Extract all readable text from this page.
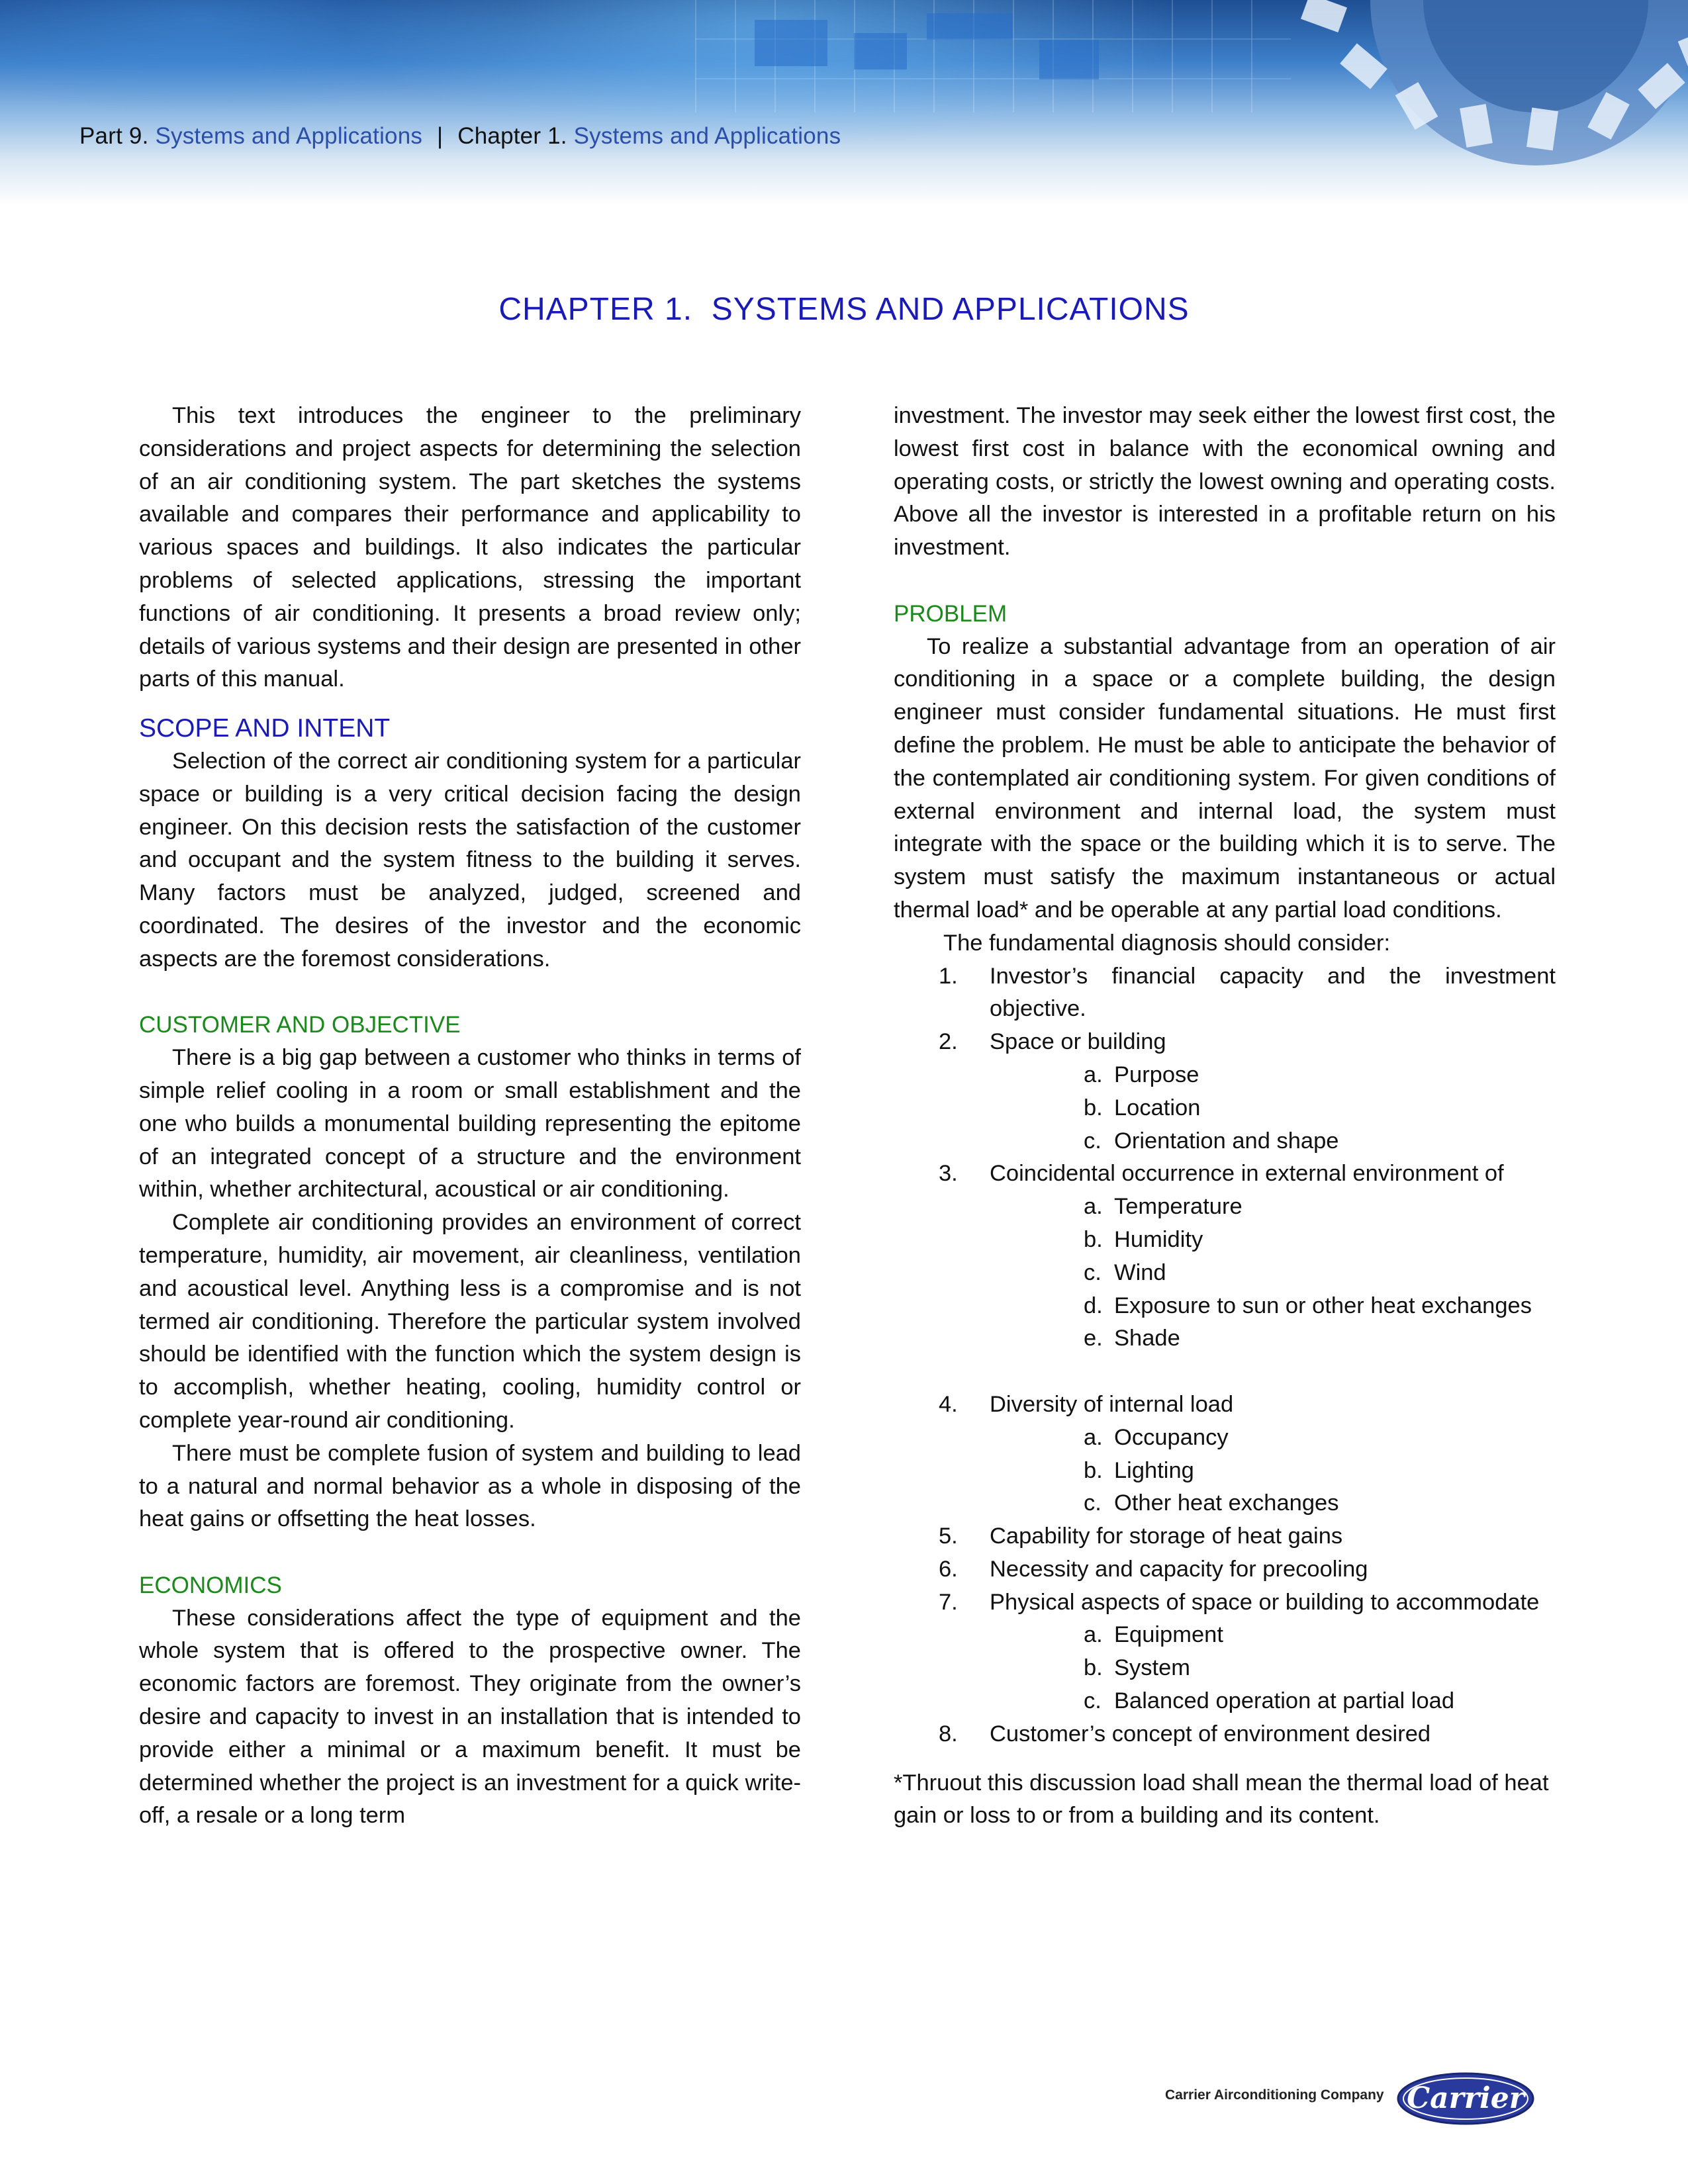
Part 9. Systems and Applications | Chapter 1. Systems and Applications
CHAPTER 1.  SYSTEMS AND APPLICATIONS

This text introduces the engineer to the preliminary considerations and project aspects for determining the selection of an air conditioning system. The part sketches the systems available and compares their performance and applicability to various spaces and buildings. It also indicates the particular problems of selected applications, stressing the important functions of air conditioning. It presents a broad review only; details of various systems and their design are presented in other parts of this manual.

SCOPE AND INTENT

Selection of the correct air conditioning system for a particular space or building is a very critical decision facing the design engineer. On this decision rests the satisfaction of the customer and occupant and the system fitness to the building it serves. Many factors must be analyzed, judged, screened and coordinated. The desires of the investor and the economic aspects are the foremost considerations.

CUSTOMER AND OBJECTIVE

There is a big gap between a customer who thinks in terms of simple relief cooling in a room or small establishment and the one who builds a monumental building representing the epitome of an integrated concept of a structure and the environment within, whether architectural, acoustical or air conditioning.

Complete air conditioning provides an environment of correct temperature, humidity, air movement, air cleanliness, ventilation and acoustical level. Anything less is a compromise and is not termed air conditioning. Therefore the particular system involved should be identified with the function which the system design is to accomplish, whether heating, cooling, humidity control or complete year-round air conditioning.

There must be complete fusion of system and building to lead to a natural and normal behavior as a whole in disposing of the heat gains or offsetting the heat losses.

ECONOMICS

These considerations affect the type of equipment and the whole system that is offered to the prospective owner. The economic factors are foremost. They originate from the owner’s desire and capacity to invest in an installation that is intended to provide either a minimal or a maximum benefit. It must be determined whether the project is an investment for a quick write-off, a resale or a long term

investment. The investor may seek either the lowest first cost, the lowest first cost in balance with the economical owning and operating costs, or strictly the lowest owning and operating costs. Above all the investor is interested in a profitable return on his investment.

PROBLEM

To realize a substantial advantage from an operation of air conditioning in a space or a complete building, the design engineer must consider fundamental situations. He must first define the problem. He must be able to anticipate the behavior of the contemplated air conditioning system. For given conditions of external environment and internal load, the system must integrate with the space or the building which it is to serve. The system must satisfy the maximum instantaneous or actual thermal load* and be operable at any partial load conditions.

The fundamental diagnosis should consider:

1. Investor’s financial capacity and the investment objective.
2. Space or building
a. Purpose
b. Location
c. Orientation and shape
3. Coincidental occurrence in external environment of
a. Temperature
b. Humidity
c. Wind
d. Exposure to sun or other heat exchanges
e. Shade

4. Diversity of internal load
a. Occupancy
b. Lighting
c. Other heat exchanges
5. Capability for storage of heat gains
6. Necessity and capacity for precooling
7. Physical aspects of space or building to accommodate
a. Equipment
b. System
c. Balanced operation at partial load
8. Customer’s concept of environment desired

*Thruout this discussion load shall mean the thermal load of heat gain or loss to or from a building and its content.

Carrier Airconditioning Company Carrier
